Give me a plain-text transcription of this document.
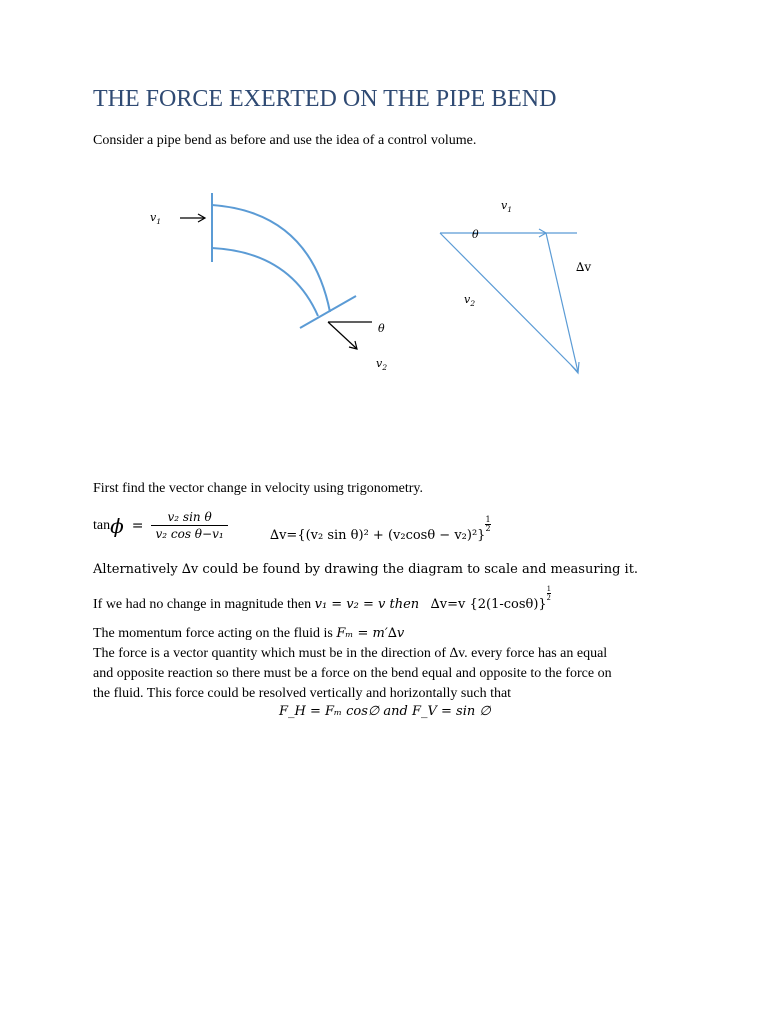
THE FORCE EXERTED ON THE PIPE BEND
Consider a pipe bend as before and use the idea of a control volume.
$v_1$
θ
$v_2$
$v_1$
θ
∆v
$v_2$
First find the vector change in velocity using trigonometry.
$\tan \phi = \frac{\text{v₂ sin θ}}{\text{v₂ cos θ−v₁}}$	∆v={(v₂ sin θ)² + (v₂cosθ − v₂)²}
$\frac{1}{2}$
Alternatively ∆v could be found by drawing the diagram to scale and measuring it.
If we had no change in magnitude then v₁ = v₂ = v then ∆v=v {2(1-cosθ)}
$\frac{1}{2}$
The momentum force acting on the fluid is Fₘ = m′∆v
The force is a vector quantity which must be in the direction of ∆v. every force has an equal
and opposite reaction so there must be a force on the bend equal and opposite to the force on
the fluid. This force could be resolved vertically and horizontally such that
F_H = Fₘ cos∅ and F_V = sin ∅
